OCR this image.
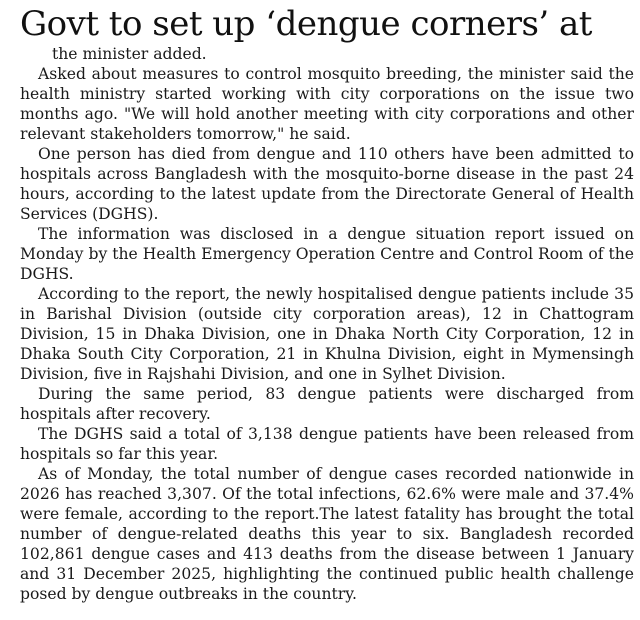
Govt to set up ‘dengue corners’ at

the minister added.

Asked about measures to control mosquito breeding, the minister said the health ministry started working with city corporations on the issue two months ago. "We will hold another meeting with city corporations and other relevant stakeholders tomorrow," he said.

One person has died from dengue and 110 others have been admitted to hospitals across Bangladesh with the mosquito-borne disease in the past 24 hours, according to the latest update from the Directorate General of Health Services (DGHS).

The information was disclosed in a dengue situation report issued on Monday by the Health Emergency Operation Centre and Control Room of the DGHS.

According to the report, the newly hospitalised dengue patients include 35 in Barishal Division (outside city corporation areas), 12 in Chattogram Division, 15 in Dhaka Division, one in Dhaka North City Corporation, 12 in Dhaka South City Corporation, 21 in Khulna Division, eight in Mymensingh Division, five in Rajshahi Division, and one in Sylhet Division.

During the same period, 83 dengue patients were discharged from hospitals after recovery.

The DGHS said a total of 3,138 dengue patients have been released from hospitals so far this year.

As of Monday, the total number of dengue cases recorded nationwide in 2026 has reached 3,307. Of the total infections, 62.6% were male and 37.4% were female, according to the report.The latest fatality has brought the total number of dengue-related deaths this year to six. Bangladesh recorded 102,861 dengue cases and 413 deaths from the disease between 1 January and 31 December 2025, highlighting the continued public health challenge posed by dengue outbreaks in the country.
